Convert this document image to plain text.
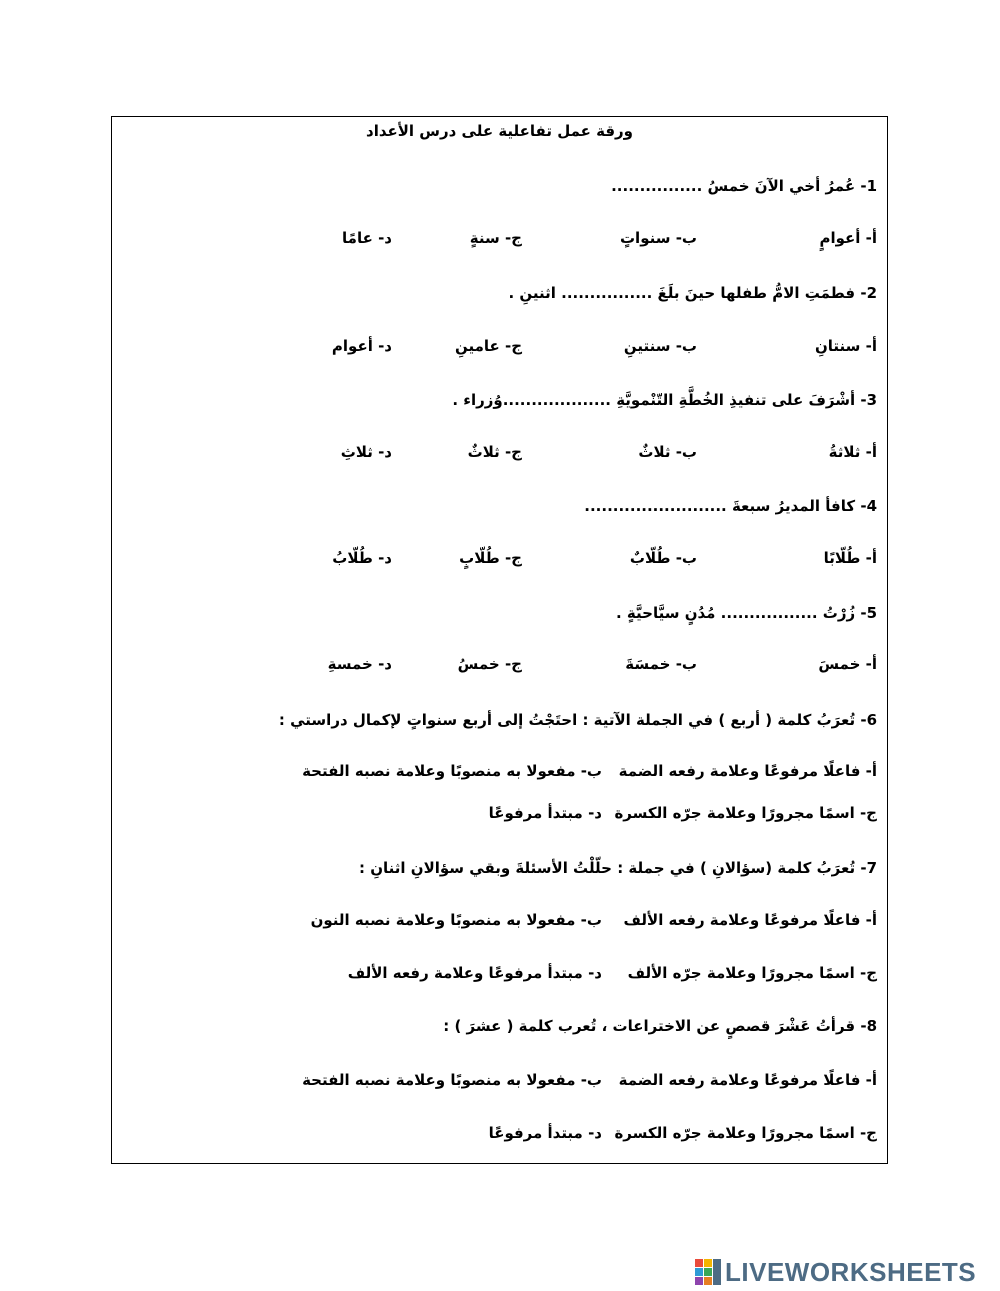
ورقة عمل تفاعلية على درس الأعداد
1- عُمرُ أخي الآنَ خمسُ ................
أ- أعوامٍ
ب- سنواتٍ
ج- سنةٍ
د- عامًا
2- فطمَتِ الامُّ طفلها حينَ بلَغَ ................ اثنينِ .
أ- سنتانِ
ب- سنتينِ
ج- عامينِ
د- أعوام
3- أشْرَفَ على تنفيذِ الخُطَّةِ التّنْمويَّةِ ...................وُزراء .
أ- ثلاثةُ
ب- ثلاثٌ
ج- ثلاثٌ
د- ثلاثِ
4- كافأ المديرُ سبعةَ .........................
أ- طُلّابًا
ب- طُلّابٌ
ج- طُلّابٍ
د- طُلّابُ
5- زُرْتُ ................. مُدُنٍ سيَّاحيَّةٍ .
أ- خمسَ
ب- خمسَةَ
ج- خمسُ
د- خمسةِ
6- تُعرَبُ كلمة ( أربع ) في الجملة الآتية : احتَجْتُ إلى أربع سنواتٍ لإكمال دراستي :
أ- فاعلًا مرفوعًا وعلامة رفعه الضمة
ب- مفعولا به منصوبًا وعلامة نصبه الفتحة
ج- اسمًا مجرورًا وعلامة جرّه الكسرة
د- مبتدأ مرفوعًا
7- تُعرَبُ كلمة (سؤالانِ ) في جملة : حلّلْتُ الأسئلةَ وبقي سؤالانِ اثنانِ :
أ- فاعلًا مرفوعًا وعلامة رفعه الألف
ب- مفعولا به منصوبًا وعلامة نصبه النون
ج- اسمًا مجرورًا وعلامة جرّه الألف
د- مبتدأ مرفوعًا وعلامة رفعه الألف
8- قرأتُ عَشْرَ قصصٍ عن الاختراعات ، تُعرب كلمة ( عشرَ ) :
أ- فاعلًا مرفوعًا وعلامة رفعه الضمة
ب- مفعولا به منصوبًا وعلامة نصبه الفتحة
ج- اسمًا مجرورًا وعلامة جرّه الكسرة
د- مبتدأ مرفوعًا
LIVEWORKSHEETS
